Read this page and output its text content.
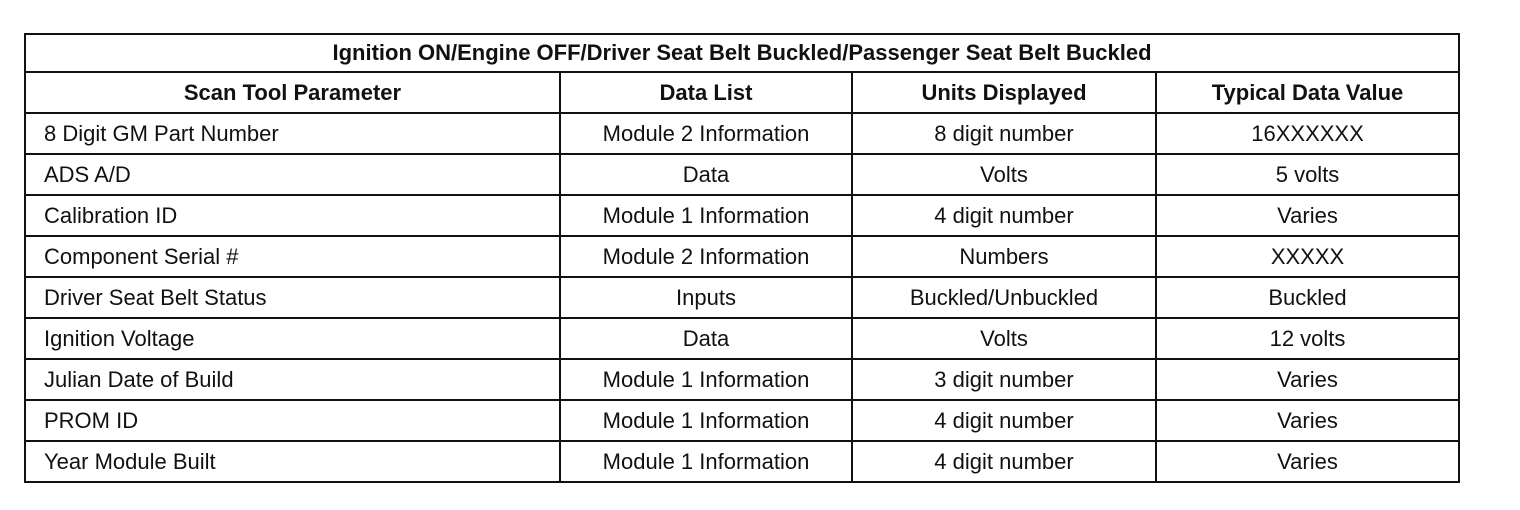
Ignition ON/Engine OFF/Driver Seat Belt Buckled/Passenger Seat Belt Buckled			
Scan Tool Parameter	Data List	Units Displayed	Typical Data Value
8 Digit GM Part Number	Module 2 Information	8 digit number	16XXXXXX
ADS A/D	Data	Volts	5 volts
Calibration ID	Module 1 Information	4 digit number	Varies
Component Serial #	Module 2 Information	Numbers	XXXXX
Driver Seat Belt Status	Inputs	Buckled/Unbuckled	Buckled
Ignition Voltage	Data	Volts	12 volts
Julian Date of Build	Module 1 Information	3 digit number	Varies
PROM ID	Module 1 Information	4 digit number	Varies
Year Module Built	Module 1 Information	4 digit number	Varies
